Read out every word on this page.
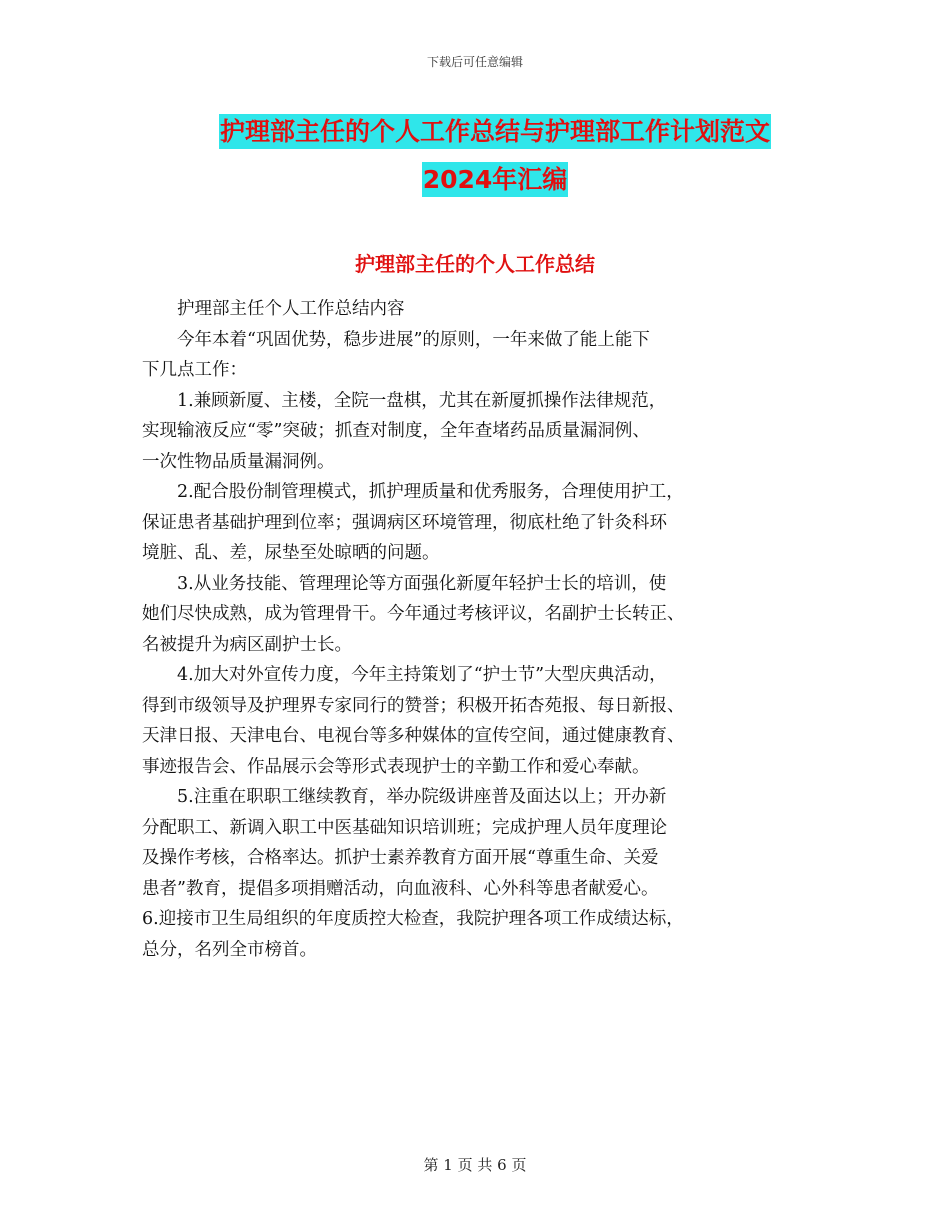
下载后可任意编辑
护理部主任的个人工作总结与护理部工作计划范文
2024年汇编
护理部主任的个人工作总结

　　护理部主任个人工作总结内容

　　今年本着“巩固优势，稳步进展”的原则，一年来做了能上能下

下几点工作：

　　1.兼顾新厦、主楼，全院一盘棋，尤其在新厦抓操作法律规范，

实现输液反应“零”突破；抓查对制度，全年查堵药品质量漏洞例、

一次性物品质量漏洞例。

　　2.配合股份制管理模式，抓护理质量和优秀服务，合理使用护工，

保证患者基础护理到位率；强调病区环境管理，彻底杜绝了针灸科环

境脏、乱、差，尿垫至处晾晒的问题。

　　3.从业务技能、管理理论等方面强化新厦年轻护士长的培训，使

她们尽快成熟，成为管理骨干。今年通过考核评议，名副护士长转正、

名被提升为病区副护士长。

　　4.加大对外宣传力度，今年主持策划了“护士节”大型庆典活动，

得到市级领导及护理界专家同行的赞誉；积极开拓杏苑报、每日新报、

天津日报、天津电台、电视台等多种媒体的宣传空间，通过健康教育、

事迹报告会、作品展示会等形式表现护士的辛勤工作和爱心奉献。

　　5.注重在职职工继续教育，举办院级讲座普及面达以上；开办新

分配职工、新调入职工中医基础知识培训班；完成护理人员年度理论

及操作考核，合格率达。抓护士素养教育方面开展“尊重生命、关爱

患者”教育，提倡多项捐赠活动，向血液科、心外科等患者献爱心。

6.迎接市卫生局组织的年度质控大检查，我院护理各项工作成绩达标，

总分，名列全市榜首。

第 1 页 共 6 页
